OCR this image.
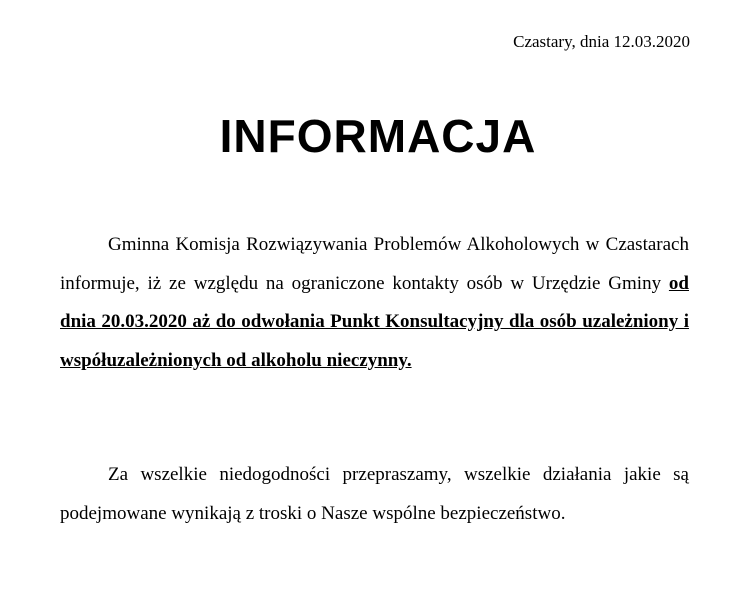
Czastary, dnia 12.03.2020
INFORMACJA

Gminna Komisja Rozwiązywania Problemów Alkoholowych w Czastarach informuje, iż ze względu na ograniczone kontakty osób w Urzędzie Gminy od dnia 20.03.2020 aż do odwołania Punkt Konsultacyjny dla osób uzależniony i współuzależnionych od alkoholu nieczynny.

Za wszelkie niedogodności przepraszamy, wszelkie działania jakie są podejmowane wynikają z troski o Nasze wspólne bezpieczeństwo.
